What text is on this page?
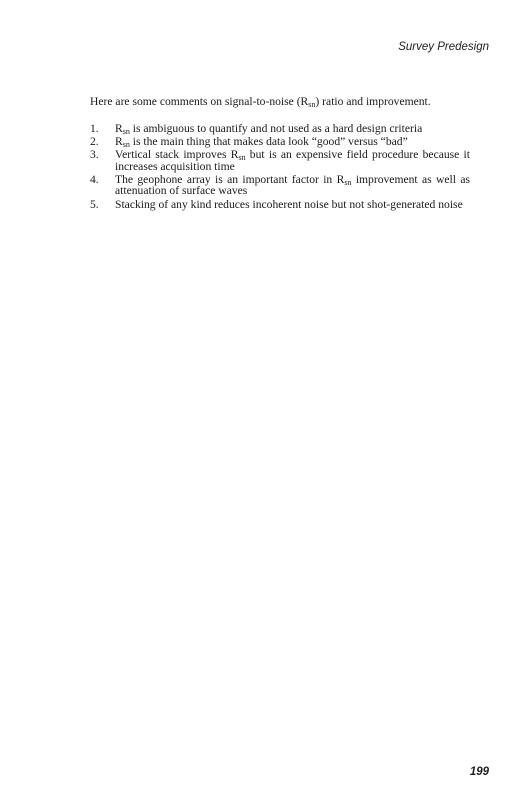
Survey Predesign

Here are some comments on signal-to-noise $(R_{sn})$ ratio and improvement.

1.	$R_{sn}$ is ambiguous to quantify and not used as a hard design criteria
2.	$R_{sn}$ is the main thing that makes data look “good” versus “bad”
3.	Vertical stack improves $R_{sn}$ but is an expensive field procedure because it increases acquisition time
4.	The geophone array is an important factor in $R_{sn}$ improvement as well as attenuation of surface waves
5.	Stacking of any kind reduces incoherent noise but not shot-generated noise
199
